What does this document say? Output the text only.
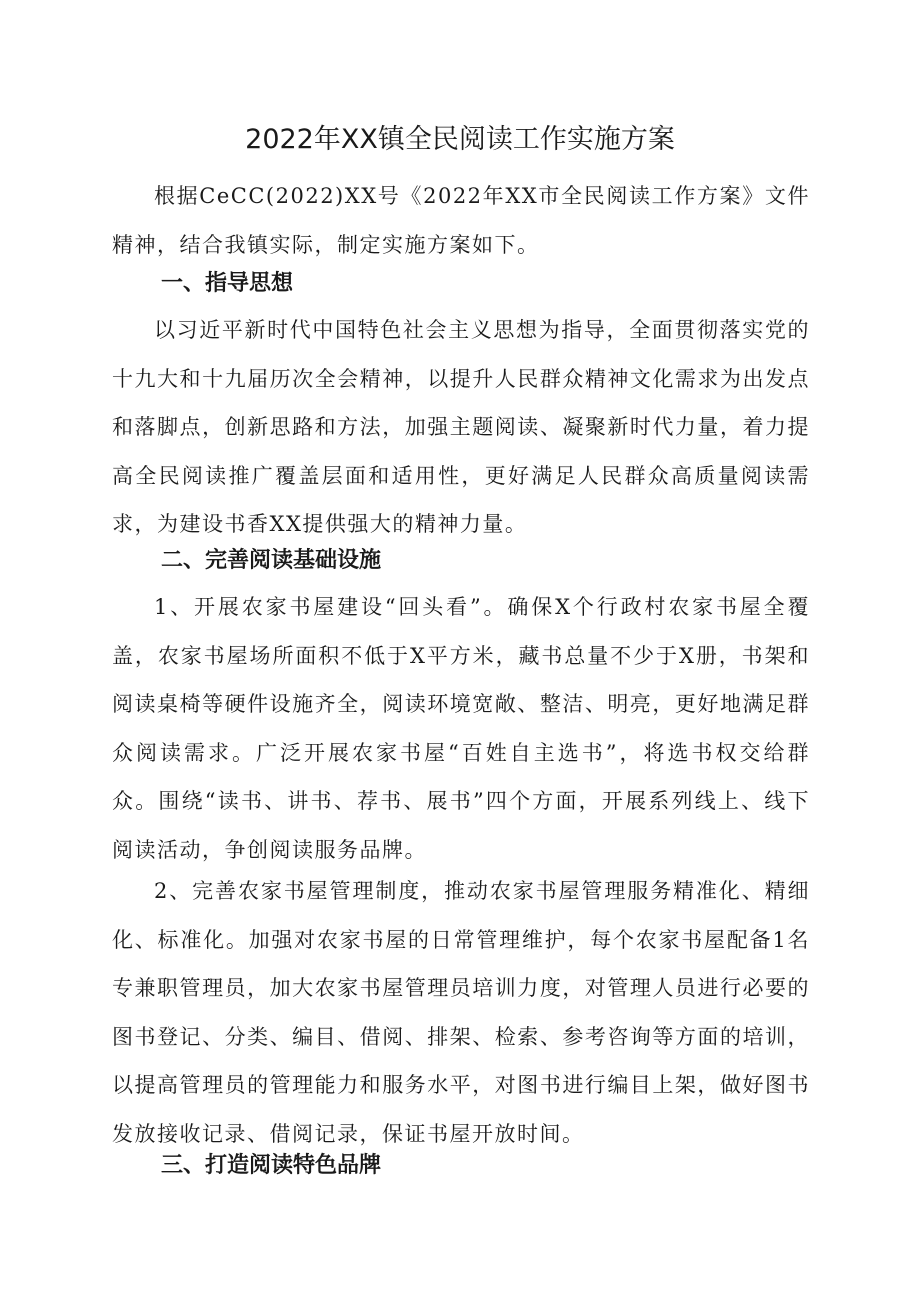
2022年XX镇全民阅读工作实施方案

根据CeCC(2022)XX号《2022年XX市全民阅读工作方案》文件精神，结合我镇实际，制定实施方案如下。

一、指导思想

以习近平新时代中国特色社会主义思想为指导，全面贯彻落实党的十九大和十九届历次全会精神，以提升人民群众精神文化需求为出发点和落脚点，创新思路和方法，加强主题阅读、凝聚新时代力量，着力提高全民阅读推广覆盖层面和适用性，更好满足人民群众高质量阅读需求，为建设书香XX提供强大的精神力量。

二、完善阅读基础设施

1、开展农家书屋建设“回头看”。确保X个行政村农家书屋全覆盖，农家书屋场所面积不低于X平方米，藏书总量不少于X册，书架和阅读桌椅等硬件设施齐全，阅读环境宽敞、整洁、明亮，更好地满足群众阅读需求。广泛开展农家书屋“百姓自主选书”，将选书权交给群众。围绕“读书、讲书、荐书、展书”四个方面，开展系列线上、线下阅读活动，争创阅读服务品牌。

2、完善农家书屋管理制度，推动农家书屋管理服务精准化、精细化、标准化。加强对农家书屋的日常管理维护，每个农家书屋配备1名专兼职管理员，加大农家书屋管理员培训力度，对管理人员进行必要的图书登记、分类、编目、借阅、排架、检索、参考咨询等方面的培训，以提高管理员的管理能力和服务水平，对图书进行编目上架，做好图书发放接收记录、借阅记录，保证书屋开放时间。

三、打造阅读特色品牌
